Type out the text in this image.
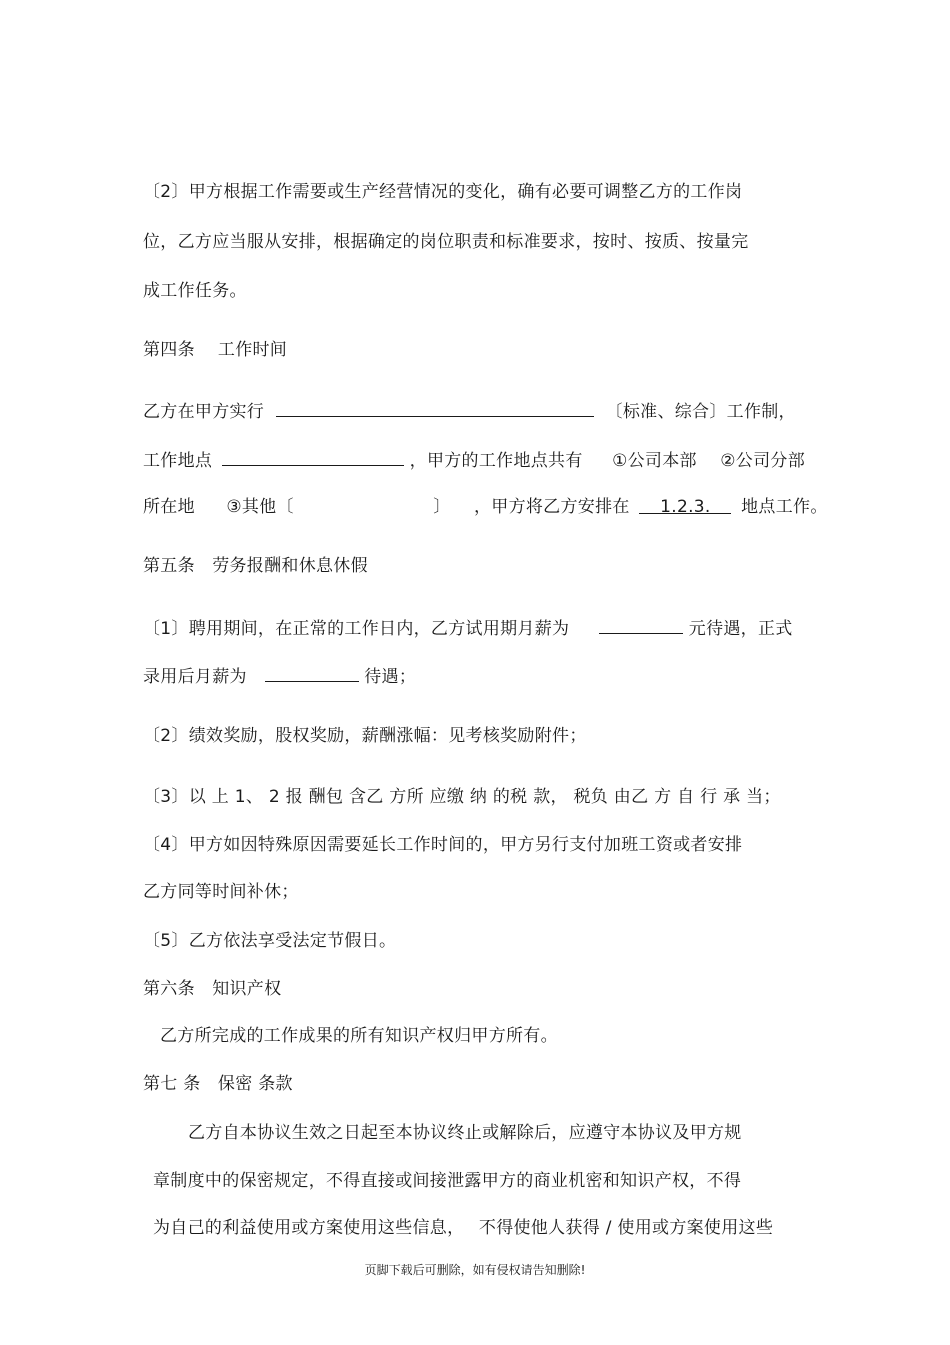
〔2〕甲方根据工作需要或生产经营情况的变化，确有必要可调整乙方的工作岗
位，乙方应当服从安排，根据确定的岗位职责和标准要求，按时、按质、按量完
成工作任务。
第四条　 工作时间
乙方在甲方实行	〔标准、综合〕工作制，
工作地点	，甲方的工作地点共有 ①公司本部 ②公司分部
所在地 ③其他〔	〕 ，甲方将乙方安排在 1.2.3. 地点工作。
第五条　劳务报酬和休息休假
〔1〕聘用期间，在正常的工作日内，乙方试用期月薪为	元待遇，正式
录用后月薪为	待遇；
〔2〕绩效奖励，股权奖励，薪酬涨幅：见考核奖励附件；
〔3〕以 上 1、 2 报 酬包 含乙 方所 应缴 纳 的税 款， 税负 由乙 方 自 行 承 当；
〔4〕甲方如因特殊原因需要延长工作时间的，甲方另行支付加班工资或者安排
乙方同等时间补休；
〔5〕乙方依法享受法定节假日。
第六条　知识产权
乙方所完成的工作成果的所有知识产权归甲方所有。
第七 条　保密 条款
乙方自本协议生效之日起至本协议终止或解除后，应遵守本协议及甲方规
章制度中的保密规定，不得直接或间接泄露甲方的商业机密和知识产权，不得
为自己的利益使用或方案使用这些信息，　 不得使他人获得 / 使用或方案使用这些
页脚下载后可删除，如有侵权请告知删除!
